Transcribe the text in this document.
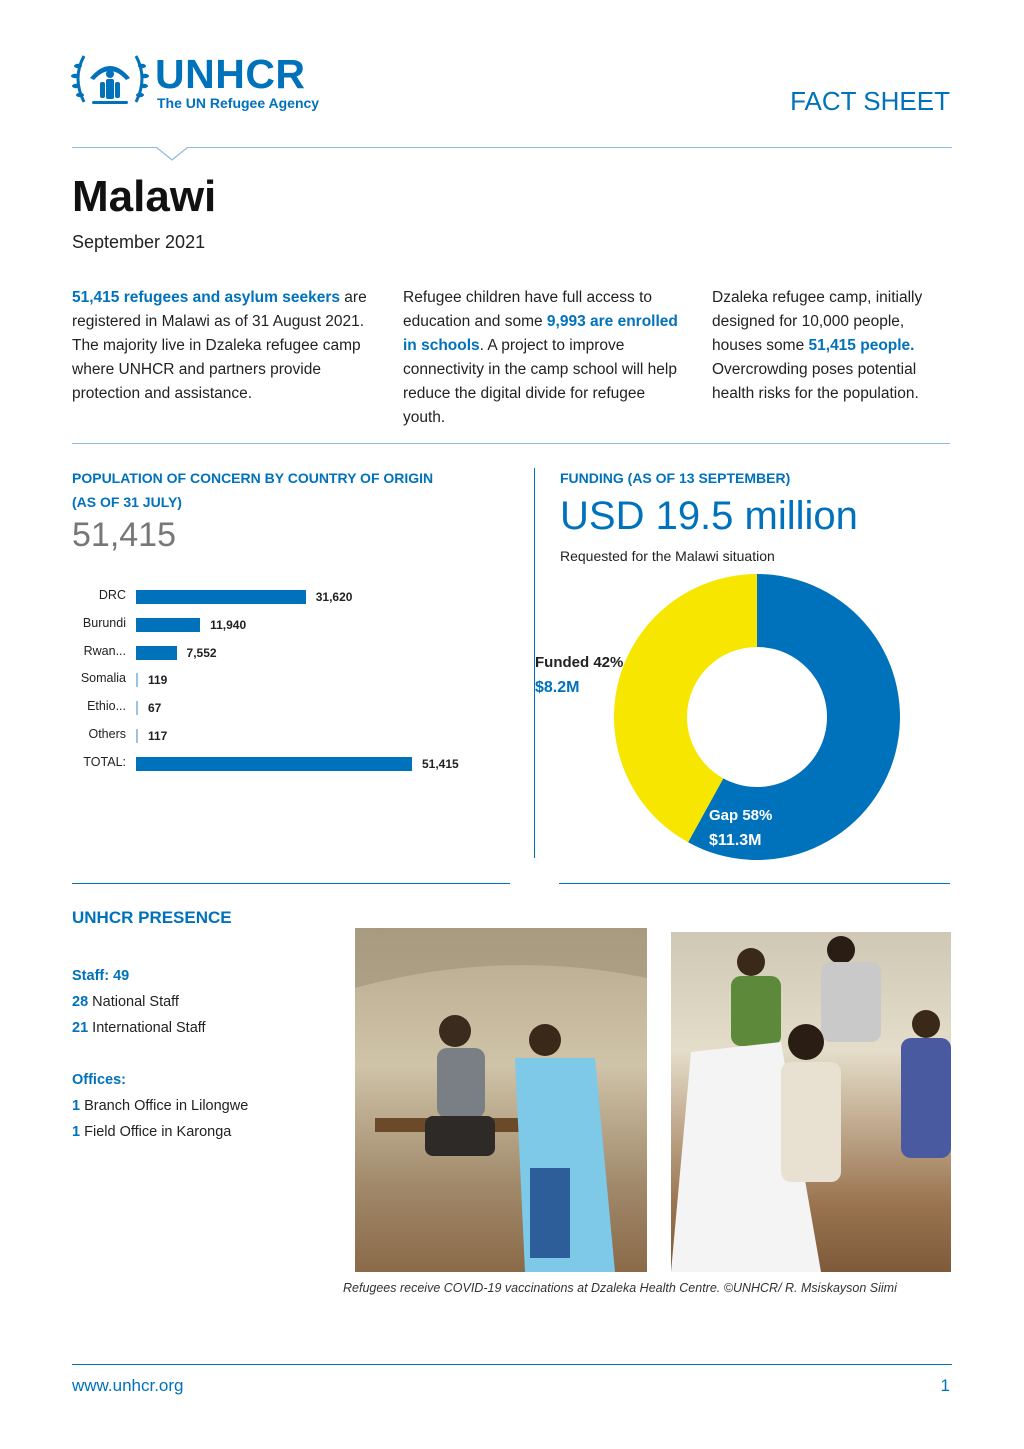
UNHCR
The UN Refugee Agency	FACT SHEET
Malawi
September 2021
51,415 refugees and asylum seekers are registered in Malawi as of 31 August 2021. The majority live in Dzaleka refugee camp where UNHCR and partners provide protection and assistance.
Refugee children have full access to education and some 9,993 are enrolled in schools. A project to improve connectivity in the camp school will help reduce the digital divide for refugee youth.
Dzaleka refugee camp, initially designed for 10,000 people, houses some 51,415 people. Overcrowding poses potential health risks for the population.
POPULATION OF CONCERN BY COUNTRY OF ORIGIN
(AS OF 31 JULY)
51,415
DRC	31,620
Burundi	11,940
Rwan...	7,552
Somalia 119
Ethio... 67
Others 117
TOTAL:	51,415
FUNDING (AS OF 13 SEPTEMBER)
USD 19.5 million
Requested for the Malawi situation
Funded 42%
$8.2M
Gap 58%
$11.3M
UNHCR PRESENCE
Staff: 49
28 National Staff
21 International Staff
Offices:
1 Branch Office in Lilongwe
1 Field Office in Karonga
Refugees receive COVID-19 vaccinations at Dzaleka Health Centre. ©UNHCR/ R. Msiskayson Siimi
www.unhcr.org	1
